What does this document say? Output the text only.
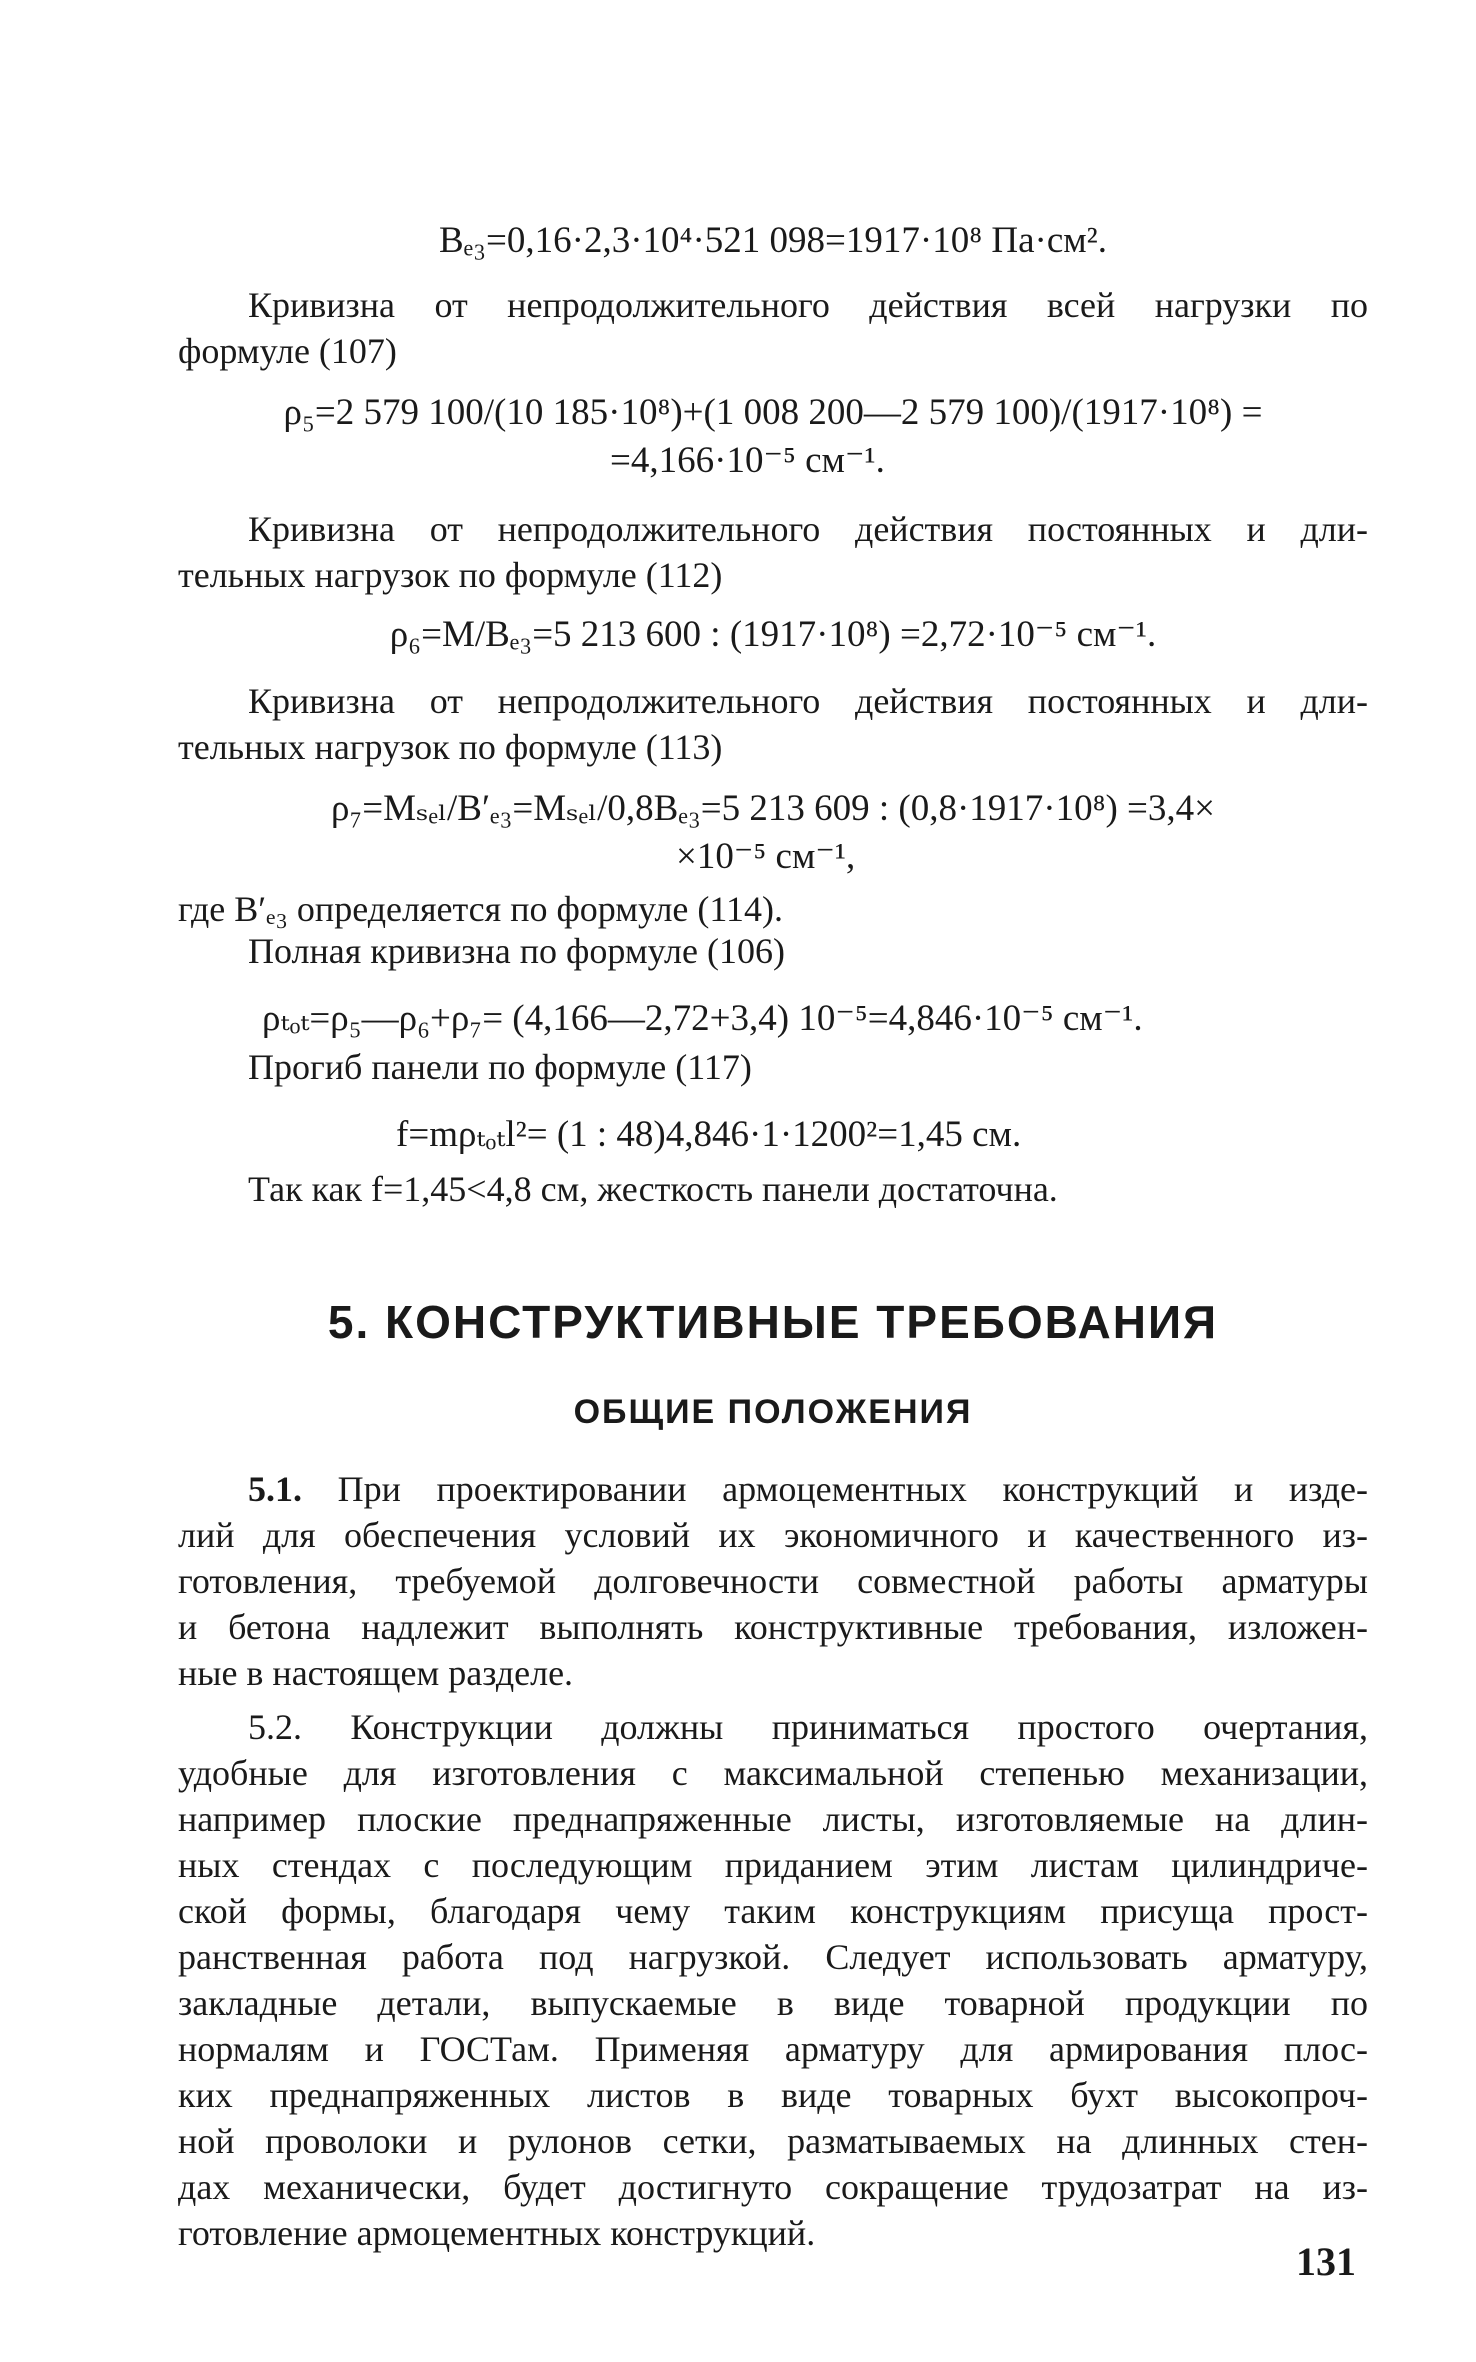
Bₑ₃=0,16·2,3·10⁴·521 098=1917·10⁸ Па·см².
Кривизна от непродолжительного действия всей нагрузки по
формуле (107)
ρ₅=2 579 100/(10 185·10⁸)+(1 008 200—2 579 100)/(1917·10⁸) =
=4,166·10⁻⁵ см⁻¹.
Кривизна от непродолжительного действия постоянных и дли-
тельных нагрузок по формуле (112)
ρ₆=M/Bₑ₃=5 213 600 : (1917·10⁸) =2,72·10⁻⁵ см⁻¹.
Кривизна от непродолжительного действия постоянных и дли-
тельных нагрузок по формуле (113)
ρ₇=Mₛₑₗ/B′ₑ₃=Mₛₑₗ/0,8Bₑ₃=5 213 609 : (0,8·1917·10⁸) =3,4×
×10⁻⁵ см⁻¹,
где B′ₑ₃ определяется по формуле (114).
Полная кривизна по формуле (106)
ρₜₒₜ=ρ₅—ρ₆+ρ₇= (4,166—2,72+3,4) 10⁻⁵=4,846·10⁻⁵ см⁻¹.
Прогиб панели по формуле (117)
f=mρₜₒₜl²= (1 : 48)4,846·1·1200²=1,45 см.
Так как f=1,45<4,8 см, жесткость панели достаточна.
5. КОНСТРУКТИВНЫЕ ТРЕБОВАНИЯ
ОБЩИЕ ПОЛОЖЕНИЯ
5.1. При проектировании армоцементных конструкций и изде-
лий для обеспечения условий их экономичного и качественного из-
готовления, требуемой долговечности совместной работы арматуры
и бетона надлежит выполнять конструктивные требования, изложен-
ные в настоящем разделе.
5.2. Конструкции должны приниматься простого очертания,
удобные для изготовления с максимальной степенью механизации,
например плоские преднапряженные листы, изготовляемые на длин-
ных стендах с последующим приданием этим листам цилиндриче-
ской формы, благодаря чему таким конструкциям присуща прост-
ранственная работа под нагрузкой. Следует использовать арматуру,
закладные детали, выпускаемые в виде товарной продукции по
нормалям и ГОСТам. Применяя арматуру для армирования плос-
ких преднапряженных листов в виде товарных бухт высокопроч-
ной проволоки и рулонов сетки, разматываемых на длинных стен-
дах механически, будет достигнуто сокращение трудозатрат на из-
готовление армоцементных конструкций.
131
